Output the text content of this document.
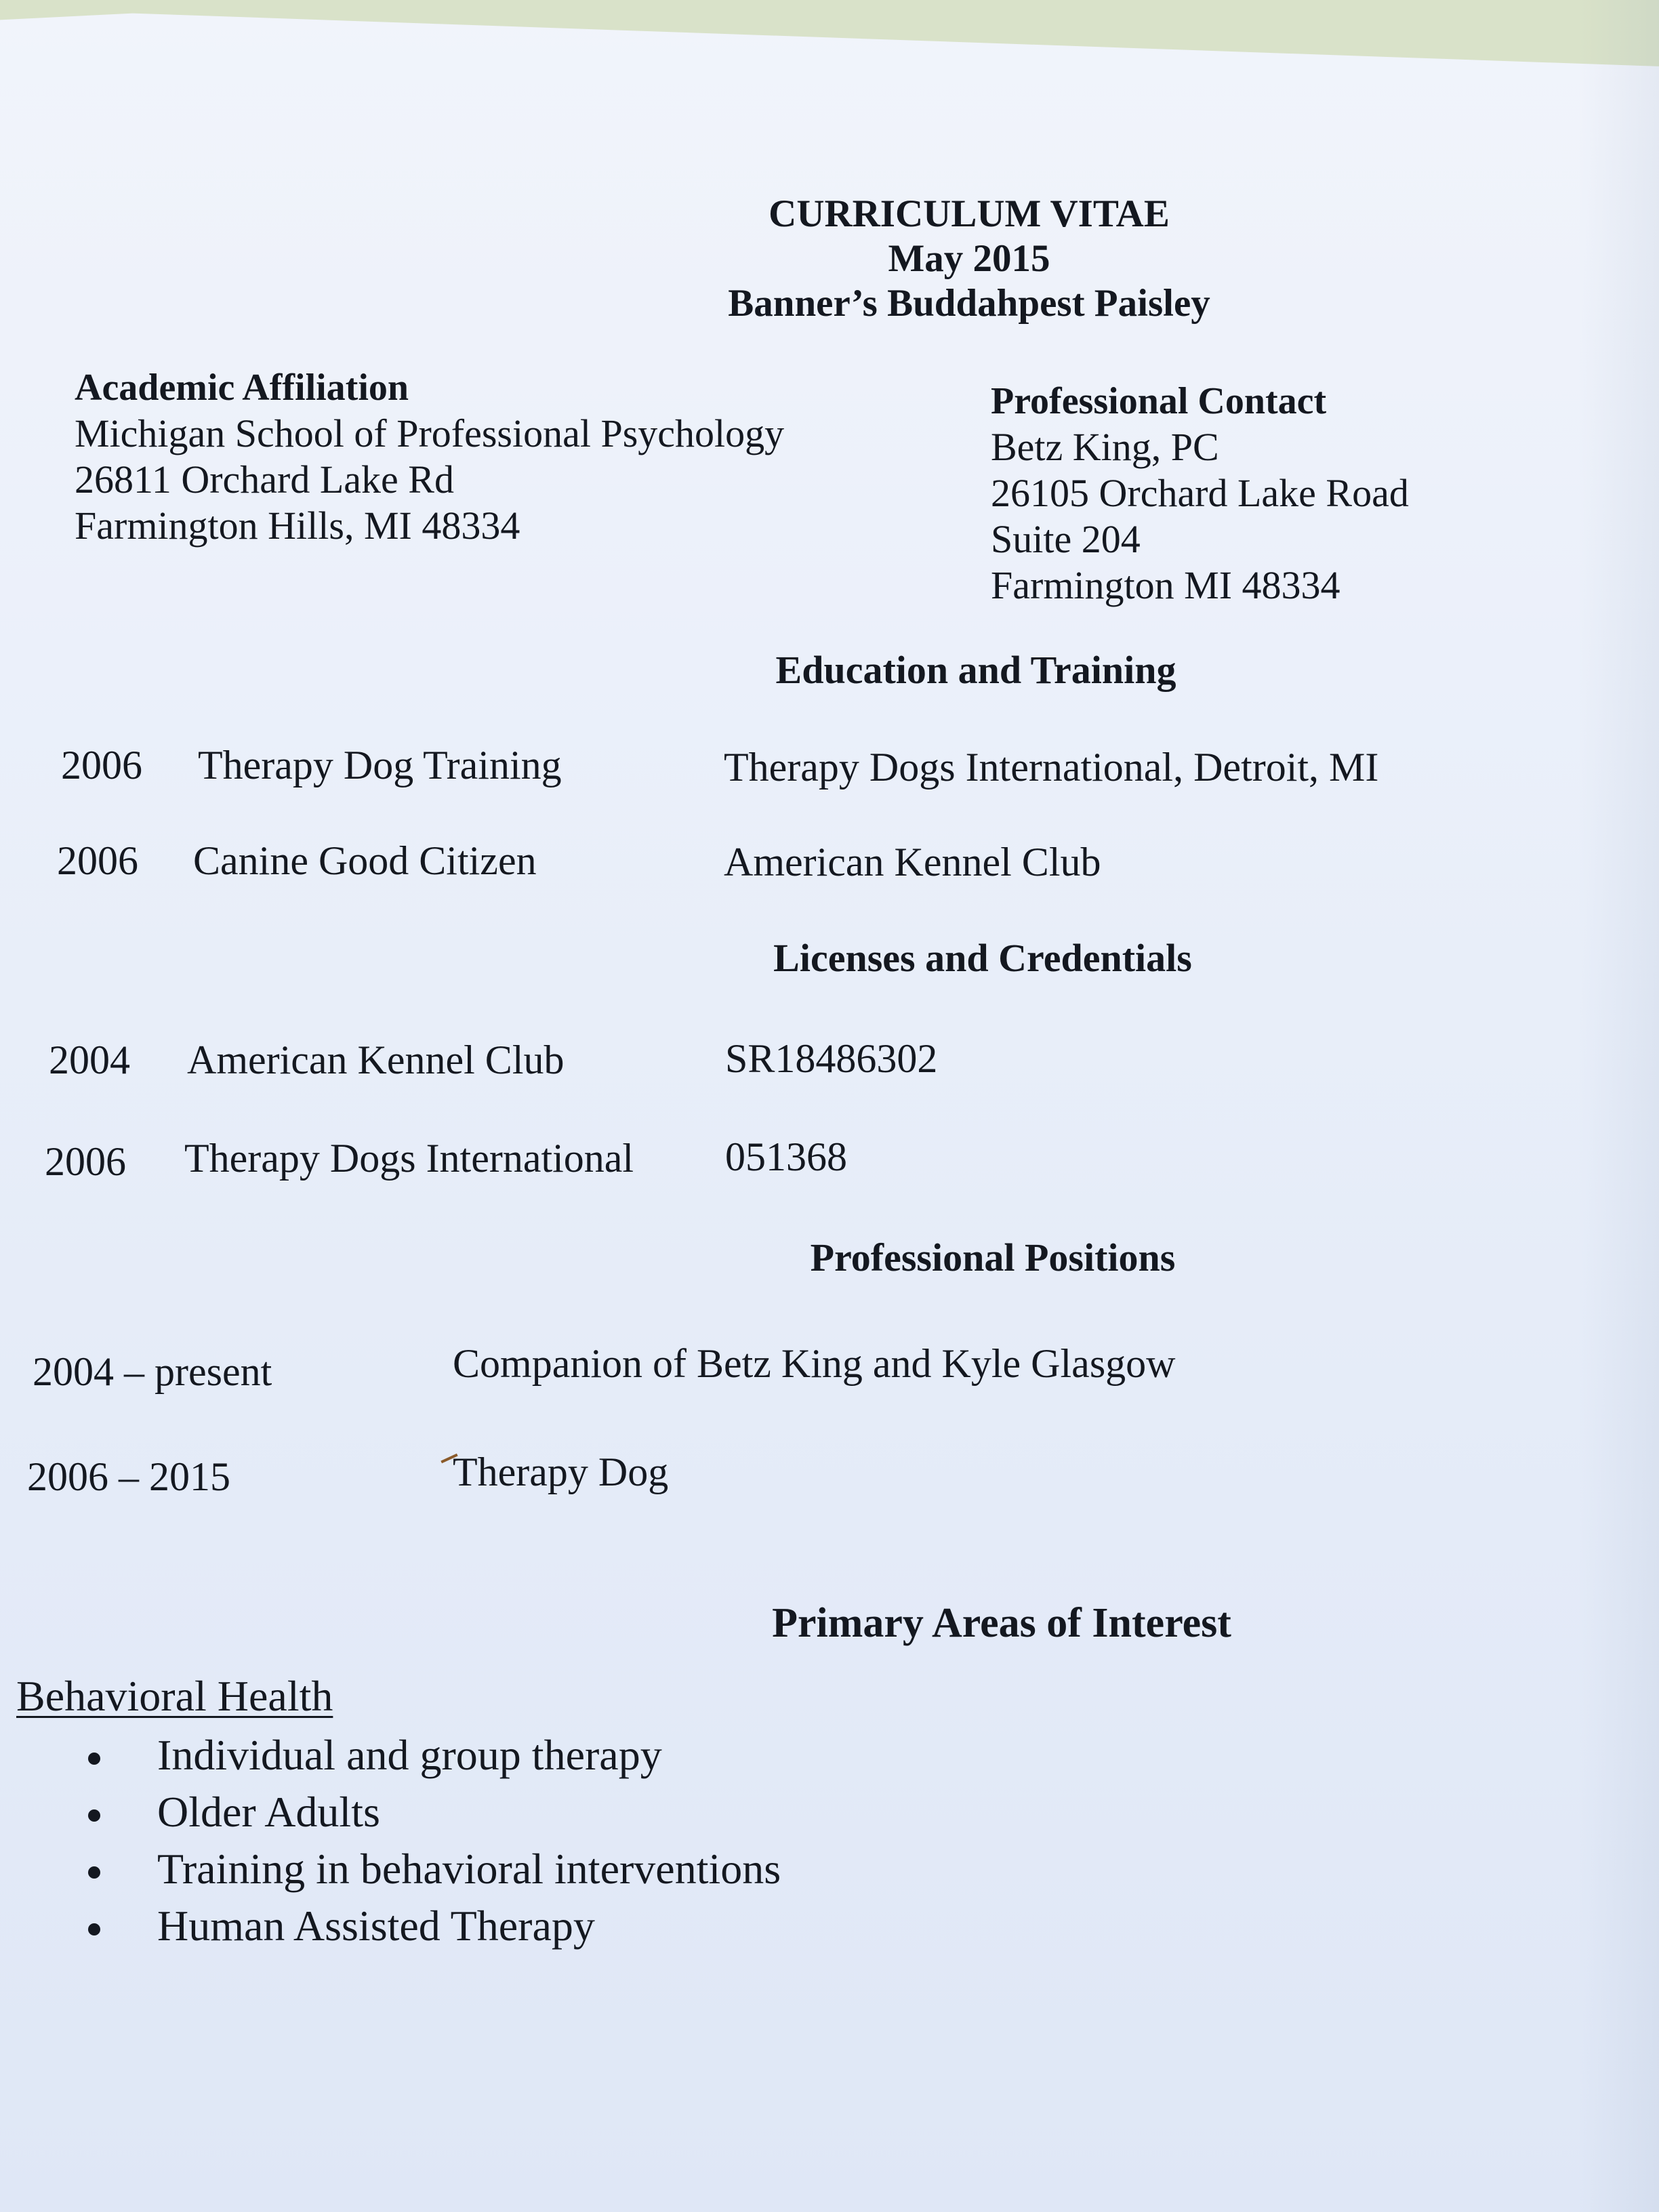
CURRICULUM VITAE
May 2015
Banner’s Buddahpest Paisley
Academic Affiliation
Michigan School of Professional Psychology
26811 Orchard Lake Rd
Farmington Hills, MI 48334
Professional Contact
Betz King, PC
26105 Orchard Lake Road
Suite 204
Farmington MI 48334
Education and Training
2006 Therapy Dog Training	Therapy Dogs International, Detroit, MI
2006 Canine Good Citizen	American Kennel Club
Licenses and Credentials
2004 American Kennel Club	SR18486302
2006 Therapy Dogs International 051368
Professional Positions
2004 – present	Companion of Betz King and Kyle Glasgow
2006 – 2015	Therapy Dog
Primary Areas of Interest
Behavioral Health
Individual and group therapy
Older Adults
Training in behavioral interventions
Human Assisted Therapy
